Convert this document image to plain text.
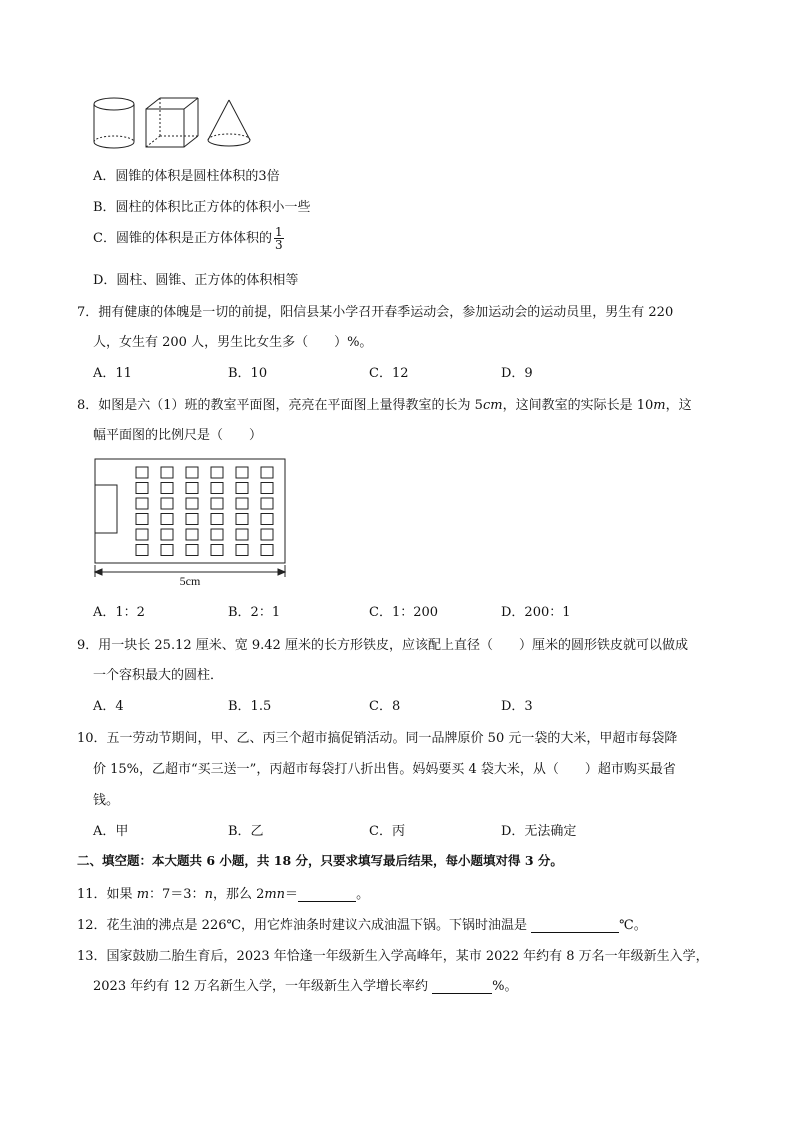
A．圆锥的体积是圆柱体积的3倍
B．圆柱的体积比正方体的体积小一些
C．圆锥的体积是正方体体积的 $\frac{1}{3}$
D．圆柱、圆锥、正方体的体积相等
7．拥有健康的体魄是一切的前提，阳信县某小学召开春季运动会，参加运动会的运动员里，男生有 220
人，女生有 200 人，男生比女生多（　　）%。
A．11	B．10	C．12	D．9
8．如图是六（1）班的教室平面图，亮亮在平面图上量得教室的长为 5cm，这间教室的实际长是 10m，这
幅平面图的比例尺是（　　）
5cm
A．1：2	B．2：1	C．1：200	D．200：1
9．用一块长 25.12 厘米、宽 9.42 厘米的长方形铁皮，应该配上直径（　　）厘米的圆形铁皮就可以做成
一个容积最大的圆柱．
A．4	B．1.5	C．8	D．3
10．五一劳动节期间，甲、乙、丙三个超市搞促销活动。同一品牌原价 50 元一袋的大米，甲超市每袋降
价 15%，乙超市“买三送一”，丙超市每袋打八折出售。妈妈要买 4 袋大米，从（　　）超市购买最省
钱。
A．甲	B．乙	C．丙	D．无法确定
二、填空题：本大题共 6 小题，共 18 分，只要求填写最后结果，每小题填对得 3 分。
11．如果 m：7＝3：n，那么 2mn＝	。
12．花生油的沸点是 226℃，用它炸油条时建议六成油温下锅。下锅时油温是	℃。
13．国家鼓励二胎生育后，2023 年恰逢一年级新生入学高峰年，某市 2022 年约有 8 万名一年级新生入学，
2023 年约有 12 万名新生入学，一年级新生入学增长率约	%。
